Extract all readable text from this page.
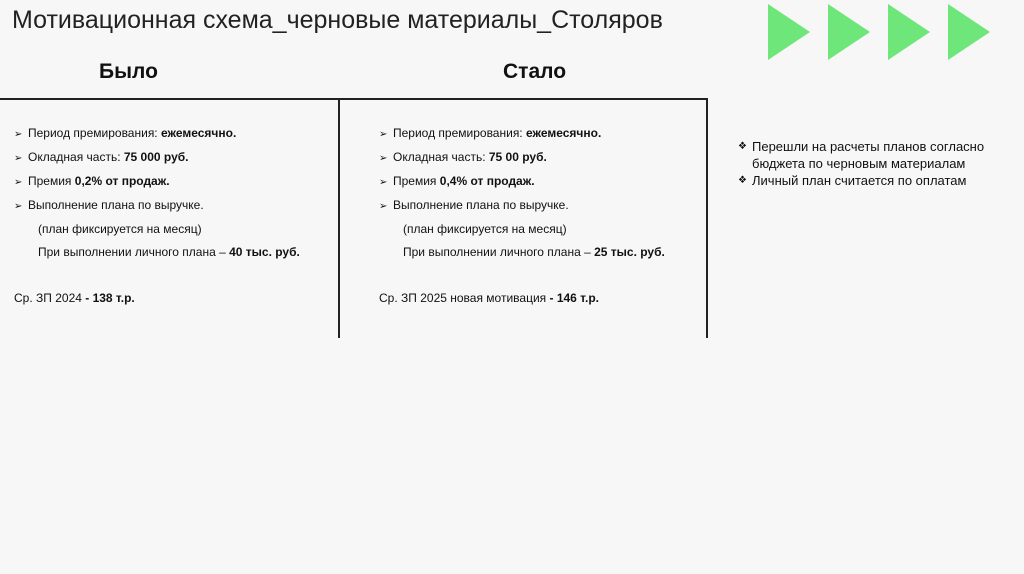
Мотивационная схема_черновые материалы_Столяров
Было	Стало
➢ Период премирования: ежемесячно.
➢ Окладная часть: 75 000 руб.
➢ Премия 0,2% от продаж.
➢ Выполнение плана по выручке.
(план фиксируется на месяц)
При выполнении личного плана – 40 тыс. руб.
Ср. ЗП 2024 - 138 т.р.
➢ Период премирования: ежемесячно.
➢ Окладная часть: 75 00 руб.
➢ Премия 0,4% от продаж.
➢ Выполнение плана по выручке.
(план фиксируется на месяц)
При выполнении личного плана – 25 тыс. руб.
Ср. ЗП 2025 новая мотивация - 146 т.р.
❖ Перешли на расчеты планов согласно бюджета по черновым материалам
❖ Личный план считается по оплатам
